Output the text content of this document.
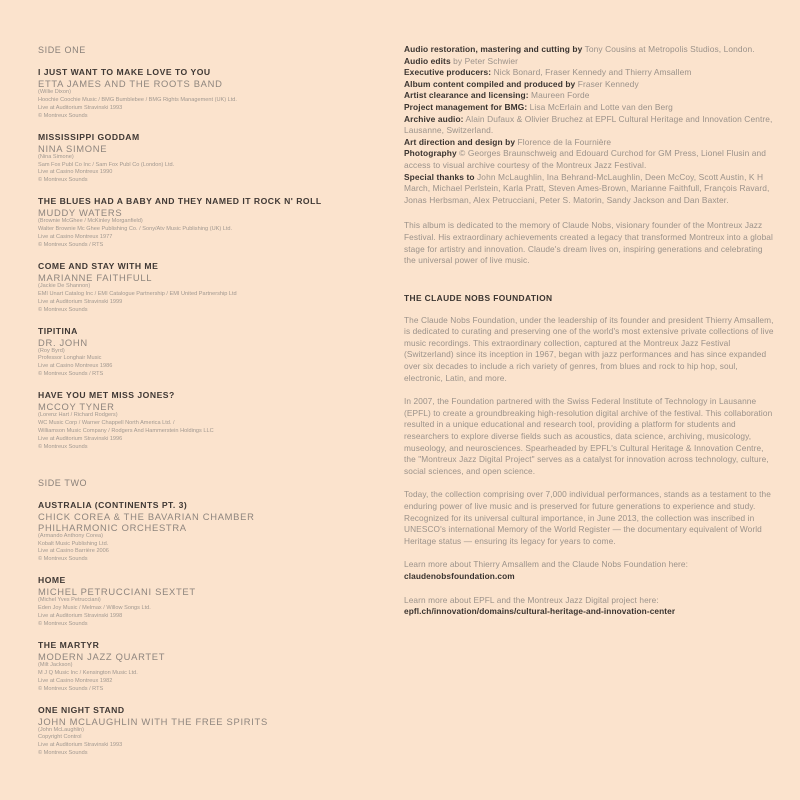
SIDE ONE
I JUST WANT TO MAKE LOVE TO YOU
ETTA JAMES AND THE ROOTS BAND
(Willie Dixon)
Hoochie Coochie Music / BMG Bumblebee / BMG Rights Management (UK) Ltd.
Live at Auditorium Stravinski 1993
© Montreux Sounds
MISSISSIPPI GODDAM
NINA SIMONE
(Nina Simone)
Sam Fox Publ Co Inc / Sam Fox Publ Co (London) Ltd.
Live at Casino Montreux 1990
© Montreux Sounds
THE BLUES HAD A BABY AND THEY NAMED IT ROCK N' ROLL
MUDDY WATERS
(Brownie McGhee / McKinley Morganfield)
Walter Brownie Mc Ghee Publishing Co. / Sony/Atv Music Publishing (UK) Ltd.
Live at Casino Montreux 1977
© Montreux Sounds / RTS
COME AND STAY WITH ME
MARIANNE FAITHFULL
(Jackie De Shannon)
EMI Unart Catalog Inc / EMI Catalogue Partnership / EMI United Partnership Ltd
Live at Auditorium Stravinski 1999
© Montreux Sounds
TIPITINA
DR. JOHN
(Roy Byrd)
Professor Longhair Music
Live at Casino Montreux 1986
© Montreux Sounds / RTS
HAVE YOU MET MISS JONES?
MCCOY TYNER
(Lorenz Hart / Richard Rodgers)
WC Music Corp / Warner Chappell North America Ltd. /
Williamson Music Company / Rodgers And Hammerstein Holdings LLC
Live at Auditorium Stravinski 1996
© Montreux Sounds
SIDE TWO
AUSTRALIA (CONTINENTS PT. 3)
CHICK COREA & THE BAVARIAN CHAMBER PHILHARMONIC ORCHESTRA
(Armando Anthony Corea)
Kobalt Music Publishing Ltd.
Live at Casino Barrière 2006
© Montreux Sounds
HOME
MICHEL PETRUCCIANI SEXTET
(Michel Yves Petrucciani)
Eden Joy Music / Melmax / Willow Songs Ltd.
Live at Auditorium Stravinski 1998
© Montreux Sounds
THE MARTYR
MODERN JAZZ QUARTET
(Milt Jackson)
M J Q Music Inc / Kensington Music Ltd.
Live at Casino Montreux 1982
© Montreux Sounds / RTS
ONE NIGHT STAND
JOHN MCLAUGHLIN WITH THE FREE SPIRITS
(John McLaughlin)
Copyright Control
Live at Auditorium Stravinski 1993
© Montreux Sounds
Audio restoration, mastering and cutting by Tony Cousins at Metropolis Studios, London.
Audio edits by Peter Schwier
Executive producers: Nick Bonard, Fraser Kennedy and Thierry Amsallem
Album content compiled and produced by Fraser Kennedy
Artist clearance and licensing: Maureen Forde
Project management for BMG: Lisa McErlain and Lotte van den Berg
Archive audio: Alain Dufaux & Olivier Bruchez at EPFL Cultural Heritage and Innovation Centre, Lausanne, Switzerland.
Art direction and design by Florence de la Fournière
Photography © Georges Braunschweig and Edouard Curchod for GM Press, Lionel Flusin and access to visual archive courtesy of the Montreux Jazz Festival.
Special thanks to John McLaughlin, Ina Behrand-McLaughlin, Deen McCoy, Scott Austin, K H March, Michael Perlstein, Karla Pratt, Steven Ames-Brown, Marianne Faithfull, François Ravard, Jonas Herbsman, Alex Petrucciani, Peter S. Matorin, Sandy Jackson and Dan Baxter.

This album is dedicated to the memory of Claude Nobs, visionary founder of the Montreux Jazz Festival. His extraordinary achievements created a legacy that transformed Montreux into a global stage for artistry and innovation. Claude's dream lives on, inspiring generations and celebrating the universal power of live music.

THE CLAUDE NOBS FOUNDATION

The Claude Nobs Foundation, under the leadership of its founder and president Thierry Amsallem, is dedicated to curating and preserving one of the world's most extensive private collections of live music recordings. This extraordinary collection, captured at the Montreux Jazz Festival (Switzerland) since its inception in 1967, began with jazz performances and has since expanded over six decades to include a rich variety of genres, from blues and rock to hip hop, soul, electronic, Latin, and more.

In 2007, the Foundation partnered with the Swiss Federal Institute of Technology in Lausanne (EPFL) to create a groundbreaking high-resolution digital archive of the festival. This collaboration resulted in a unique educational and research tool, providing a platform for students and researchers to explore diverse fields such as acoustics, data science, archiving, musicology, museology, and neurosciences. Spearheaded by EPFL's Cultural Heritage & Innovation Centre, the "Montreux Jazz Digital Project" serves as a catalyst for innovation across technology, culture, social sciences, and open science.

Today, the collection comprising over 7,000 individual performances, stands as a testament to the enduring power of live music and is preserved for future generations to experience and study. Recognized for its universal cultural importance, in June 2013, the collection was inscribed in UNESCO's international Memory of the World Register — the documentary equivalent of World Heritage status — ensuring its legacy for years to come.

Learn more about Thierry Amsallem and the Claude Nobs Foundation here: claudenobsfoundation.com

Learn more about EPFL and the Montreux Jazz Digital project here: epfl.ch/innovation/domains/cultural-heritage-and-innovation-center
